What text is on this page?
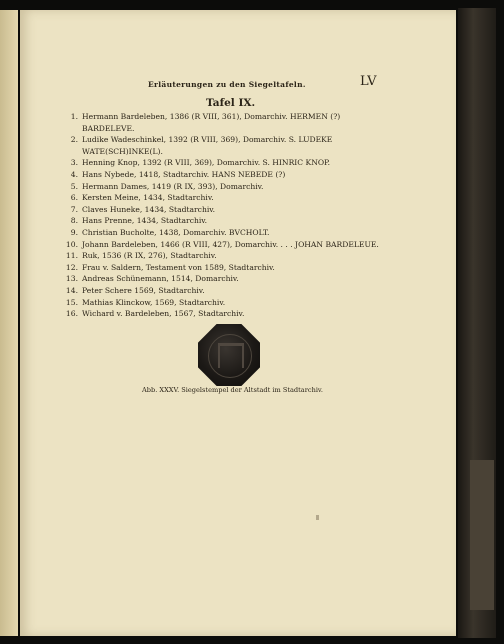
Erläuterungen zu den Siegeltafeln.	LV
Tafel IX.
1. Hermann Bardeleben, 1386 (R VIII, 361), Domarchiv. HERMEN (?) BARDELEVE.
2. Ludike Wadeschinkel, 1392 (R VIII, 369), Domarchiv. S. LUDEKE WATE(SCH)INKE(L).
3. Henning Knop, 1392 (R VIII, 369), Domarchiv. S. HINRIC KNOP.
4. Hans Nybede, 1418, Stadtarchiv. HANS NEBEDE (?)
5. Hermann Dames, 1419 (R IX, 393), Domarchiv.
6. Kersten Meine, 1434, Stadtarchiv.
7. Claves Huneke, 1434, Stadtarchiv.
8. Hans Prenne, 1434, Stadtarchiv.
9. Christian Bucholte, 1438, Domarchiv. BVCHOLT.
10. Johann Bardeleben, 1466 (R VIII, 427), Domarchiv. . . . JOHAN BARDELEUE.
11. Ruk, 1536 (R IX, 276), Stadtarchiv.
12. Frau v. Saldern, Testament von 1589, Stadtarchiv.
13. Andreas Schünemann, 1514, Domarchiv.
14. Peter Schere 1569, Stadtarchiv.
15. Mathias Klinckow, 1569, Stadtarchiv.
16. Wichard v. Bardeleben, 1567, Stadtarchiv.
Abb. XXXV. Siegelstempel der Altstadt im Stadtarchiv.
